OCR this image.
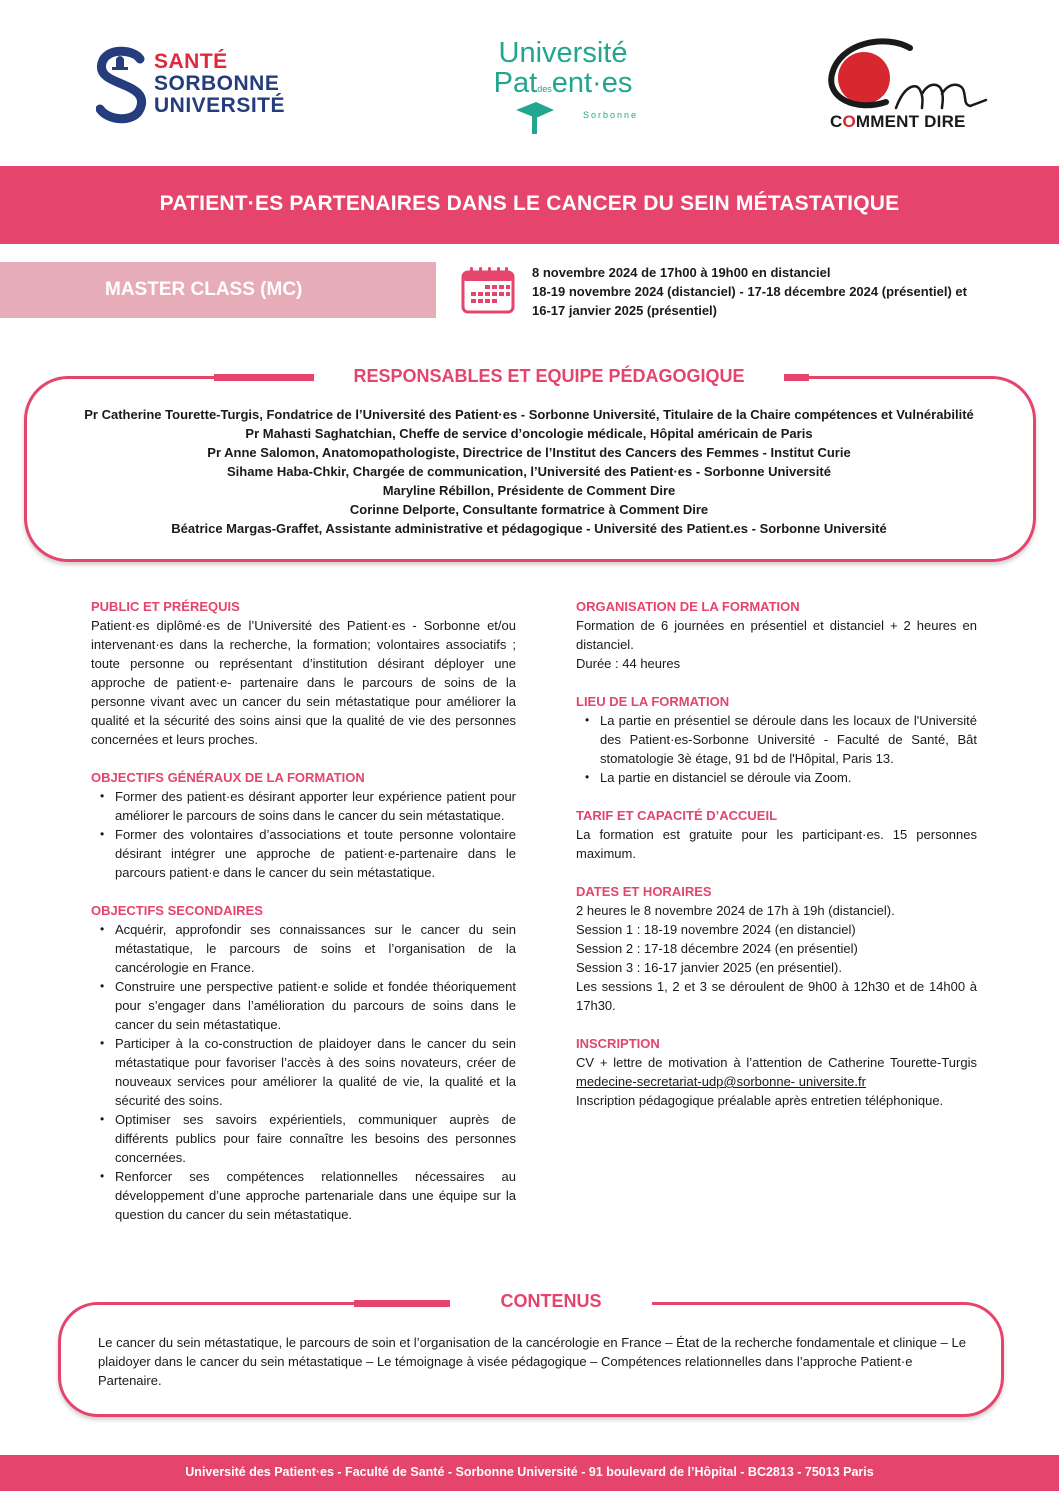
SANTÉ
SORBONNE
UNIVERSITÉ
Université
Patdesent·es
Sorbonne	COMMENT DIRE
PATIENT·ES PARTENAIRES DANS LE CANCER DU SEIN MÉTASTATIQUE
MASTER CLASS (MC)
8 novembre 2024 de 17h00 à 19h00 en distanciel
18-19 novembre 2024 (distanciel) - 17-18 décembre 2024 (présentiel) et
16-17 janvier 2025 (présentiel)
RESPONSABLES ET EQUIPE PÉDAGOGIQUE
Pr Catherine Tourette-Turgis, Fondatrice de l’Université des Patient·es - Sorbonne Université, Titulaire de la Chaire compétences et Vulnérabilité
Pr Mahasti Saghatchian, Cheffe de service d’oncologie médicale, Hôpital américain de Paris
Pr Anne Salomon, Anatomopathologiste, Directrice de l’Institut des Cancers des Femmes - Institut Curie
Sihame Haba-Chkir, Chargée de communication, l’Université des Patient·es - Sorbonne Université
Maryline Rébillon, Présidente de Comment Dire
Corinne Delporte, Consultante formatrice à Comment Dire
Béatrice Margas-Graffet, Assistante administrative et pédagogique - Université des Patient.es - Sorbonne Université
PUBLIC ET PRÉREQUIS
Patient·es diplômé·es de l’Université des Patient·es - Sorbonne et/ou intervenant·es dans la recherche, la formation; volontaires associatifs ; toute personne ou représentant d’institution désirant déployer une approche de patient·e- partenaire dans le parcours de soins de la personne vivant avec un cancer du sein métastatique pour améliorer la qualité et la sécurité des soins ainsi que la qualité de vie des personnes concernées et leurs proches.
OBJECTIFS GÉNÉRAUX DE LA FORMATION
• Former des patient·es désirant apporter leur expérience patient pour améliorer le parcours de soins dans le cancer du sein métastatique.
• Former des volontaires d’associations et toute personne volontaire désirant intégrer une approche de patient·e-partenaire dans le parcours patient·e dans le cancer du sein métastatique.
OBJECTIFS SECONDAIRES
• Acquérir, approfondir ses connaissances sur le cancer du sein métastatique, le parcours de soins et l’organisation de la cancérologie en France.
• Construire une perspective patient·e solide et fondée théoriquement pour s’engager dans l’amélioration du parcours de soins dans le cancer du sein métastatique.
• Participer à la co-construction de plaidoyer dans le cancer du sein métastatique pour favoriser l’accès à des soins novateurs, créer de nouveaux services pour améliorer la qualité de vie, la qualité et la sécurité des soins.
• Optimiser ses savoirs expérientiels, communiquer auprès de différents publics pour faire connaître les besoins des personnes concernées.
• Renforcer ses compétences relationnelles nécessaires au développement d’une approche partenariale dans une équipe sur la question du cancer du sein métastatique.
ORGANISATION DE LA FORMATION
Formation de 6 journées en présentiel et distanciel + 2 heures en distanciel.
Durée : 44 heures
LIEU DE LA FORMATION
• La partie en présentiel se déroule dans les locaux de l'Université des Patient·es-Sorbonne Université - Faculté de Santé, Bât stomatologie 3è étage, 91 bd de l'Hôpital, Paris 13.
• La partie en distanciel se déroule via Zoom.
TARIF ET CAPACITÉ D’ACCUEIL
La formation est gratuite pour les participant·es. 15 personnes maximum.
DATES ET HORAIRES
2 heures le 8 novembre 2024 de 17h à 19h (distanciel).
Session 1 : 18-19 novembre 2024 (en distanciel)
Session 2 : 17-18 décembre 2024 (en présentiel)
Session 3 : 16-17 janvier 2025 (en présentiel).
Les sessions 1, 2 et 3 se déroulent de 9h00 à 12h30 et de 14h00 à 17h30.
INSCRIPTION
CV + lettre de motivation à l’attention de Catherine Tourette-Turgis medecine-secretariat-udp@sorbonne- universite.fr
Inscription pédagogique préalable après entretien téléphonique.
CONTENUS
Le cancer du sein métastatique, le parcours de soin et l’organisation de la cancérologie en France – État de la recherche fondamentale et clinique – Le plaidoyer dans le cancer du sein métastatique – Le témoignage à visée pédagogique – Compétences relationnelles dans l’approche Patient·e Partenaire.
Université des Patient·es - Faculté de Santé - Sorbonne Université - 91 boulevard de l’Hôpital - BC2813 - 75013 Paris
